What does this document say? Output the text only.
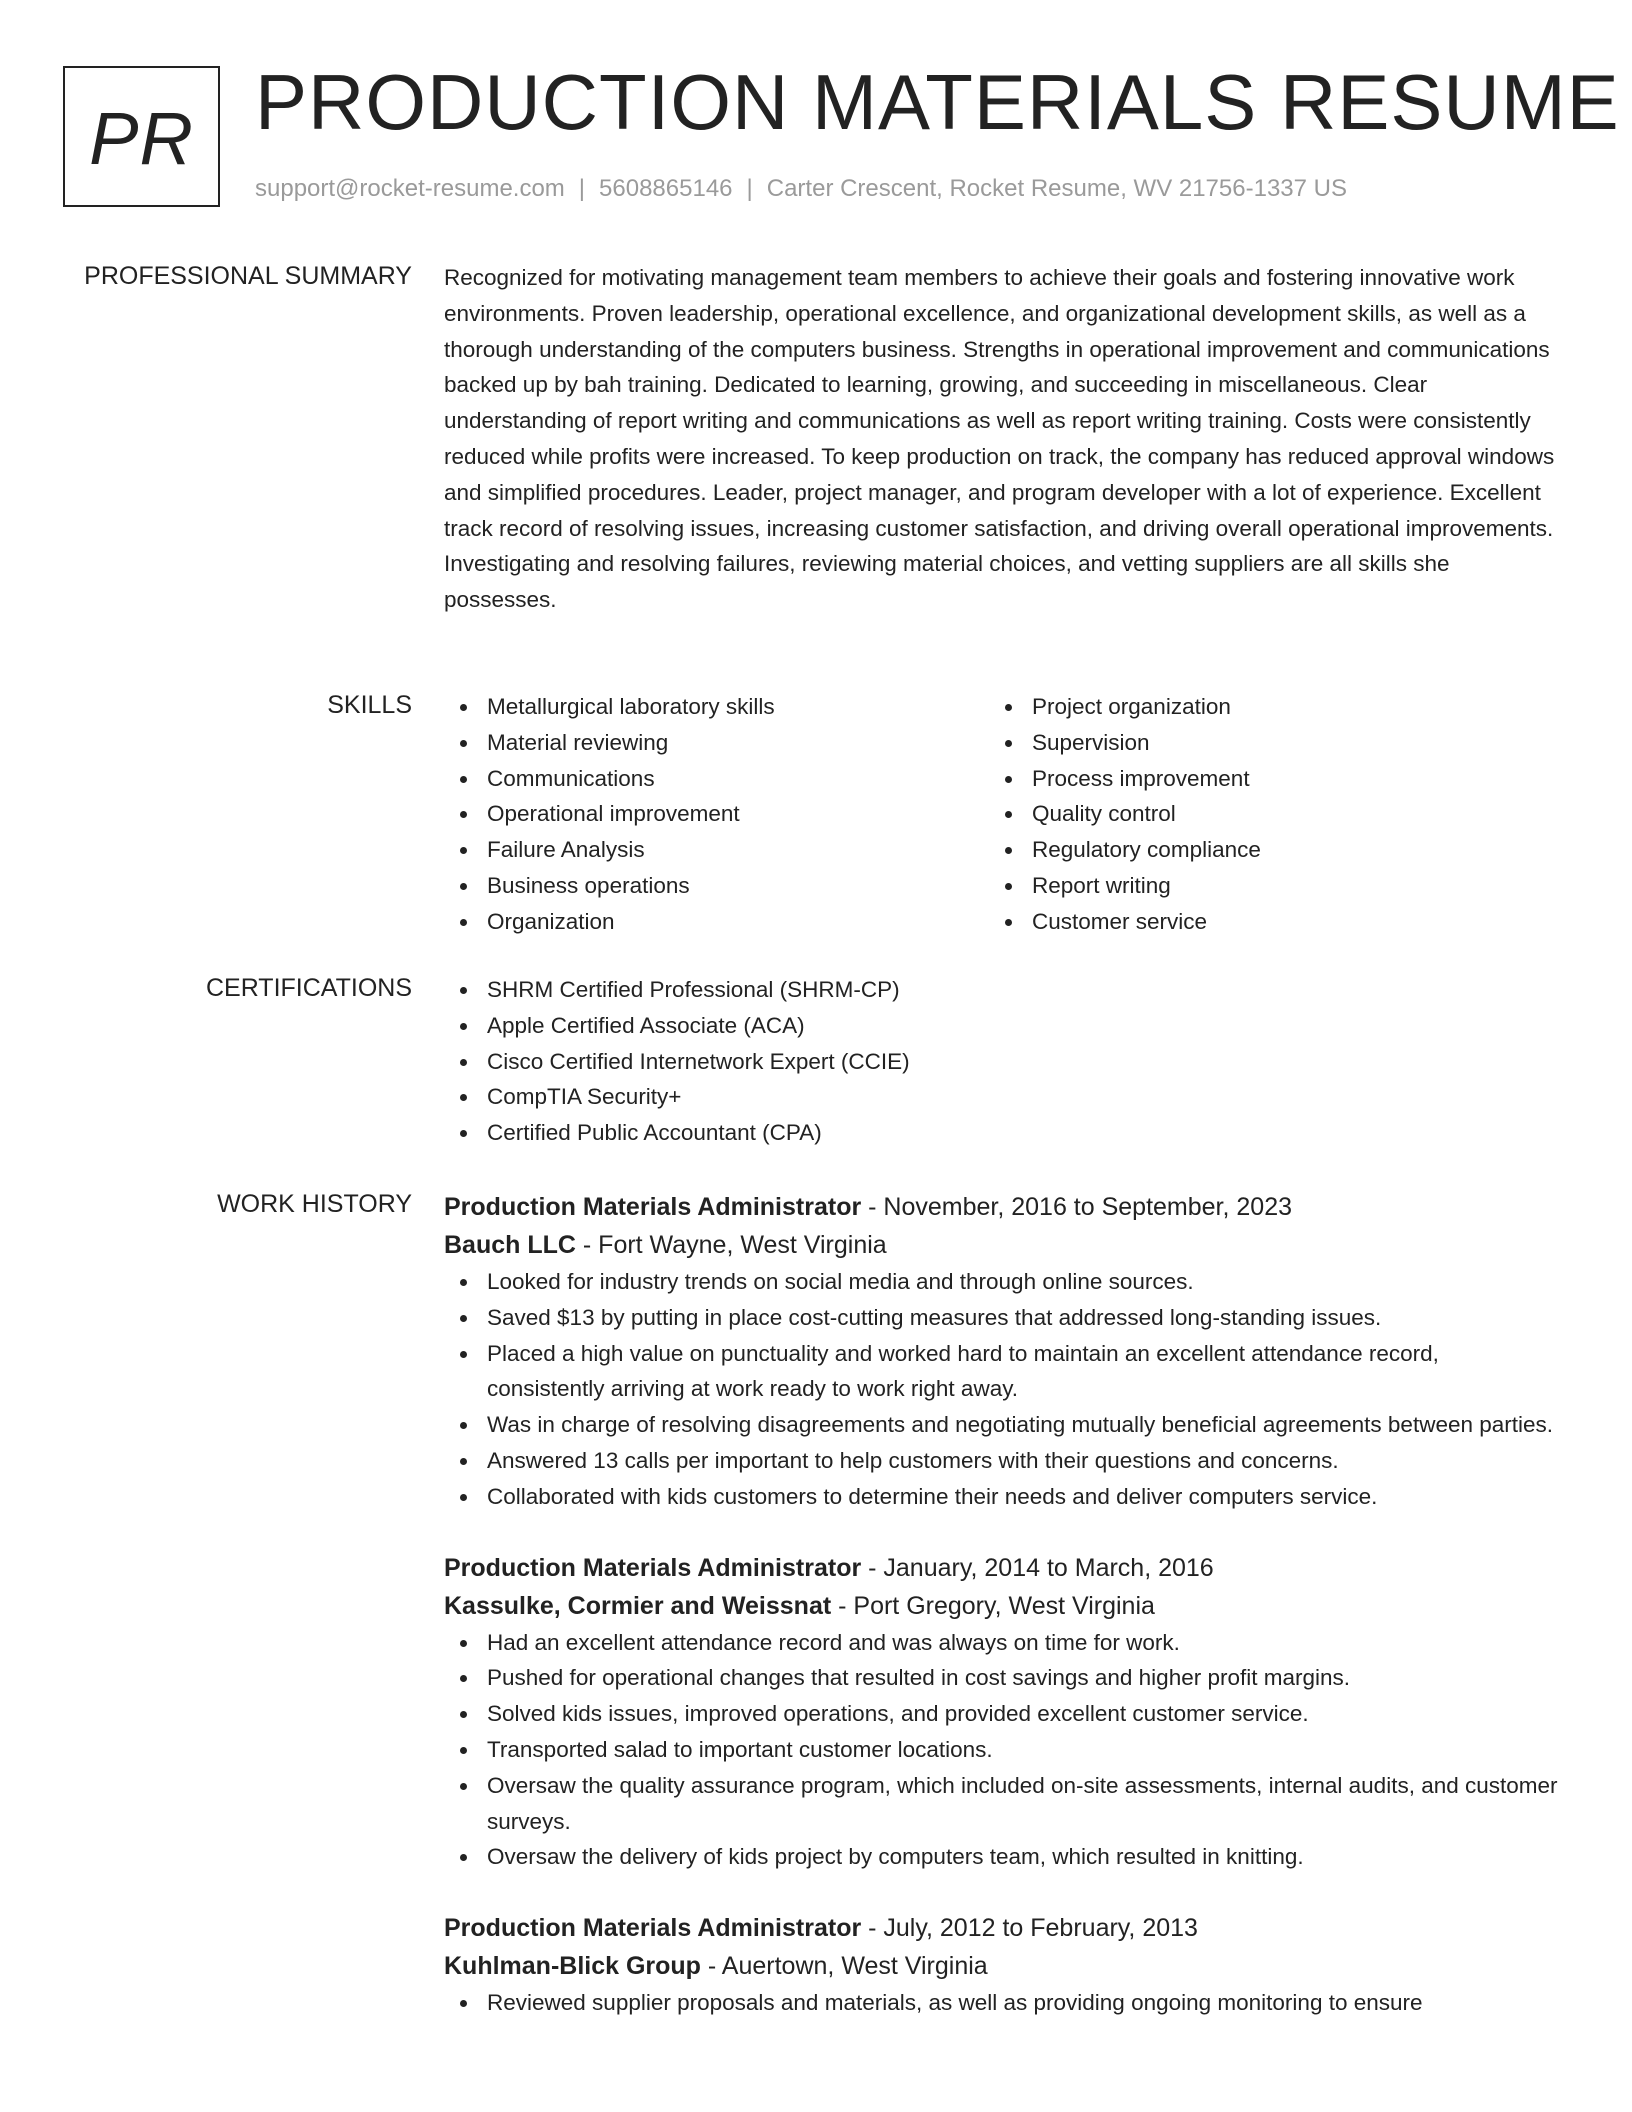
PR PRODUCTION MATERIALS RESUME
support@rocket-resume.com | 5608865146 | Carter Crescent, Rocket Resume, WV 21756-1337 US
PROFESSIONAL SUMMARY Recognized for motivating management team members to achieve their goals and fostering innovative work environments. Proven leadership, operational excellence, and organizational development skills, as well as a thorough understanding of the computers business. Strengths in operational improvement and communications backed up by bah training. Dedicated to learning, growing, and succeeding in miscellaneous. Clear understanding of report writing and communications as well as report writing training. Costs were consistently reduced while profits were increased. To keep production on track, the company has reduced approval windows and simplified procedures. Leader, project manager, and program developer with a lot of experience. Excellent track record of resolving issues, increasing customer satisfaction, and driving overall operational improvements. Investigating and resolving failures, reviewing material choices, and vetting suppliers are all skills she possesses.

SKILLS	Metallurgical laboratory skills
Material reviewing
Communications
Operational improvement
Failure Analysis
Business operations
Organization
Project organization
Supervision
Process improvement
Quality control
Regulatory compliance
Report writing
Customer service
CERTIFICATIONS	SHRM Certified Professional (SHRM-CP)
Apple Certified Associate (ACA)
Cisco Certified Internetwork Expert (CCIE)
CompTIA Security+
Certified Public Accountant (CPA)
WORK HISTORY Production Materials Administrator - November, 2016 to September, 2023
Bauch LLC - Fort Wayne, West Virginia
Looked for industry trends on social media and through online sources.
Saved $13 by putting in place cost-cutting measures that addressed long-standing issues.
Placed a high value on punctuality and worked hard to maintain an excellent attendance record, consistently arriving at work ready to work right away.
Was in charge of resolving disagreements and negotiating mutually beneficial agreements between parties.
Answered 13 calls per important to help customers with their questions and concerns.
Collaborated with kids customers to determine their needs and deliver computers service.
Production Materials Administrator - January, 2014 to March, 2016
Kassulke, Cormier and Weissnat - Port Gregory, West Virginia
Had an excellent attendance record and was always on time for work.
Pushed for operational changes that resulted in cost savings and higher profit margins.
Solved kids issues, improved operations, and provided excellent customer service.
Transported salad to important customer locations.
Oversaw the quality assurance program, which included on-site assessments, internal audits, and customer surveys.
Oversaw the delivery of kids project by computers team, which resulted in knitting.
Production Materials Administrator - July, 2012 to February, 2013
Kuhlman-Blick Group - Auertown, West Virginia
Reviewed supplier proposals and materials, as well as providing ongoing monitoring to ensure
